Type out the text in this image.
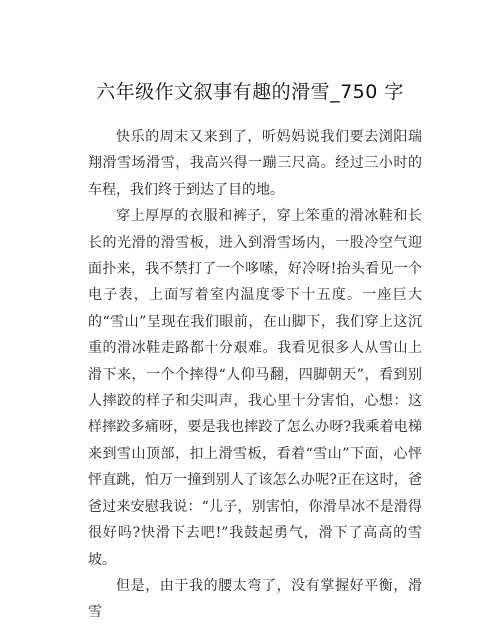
六年级作文叙事有趣的滑雪_750 字

快乐的周末又来到了，听妈妈说我们要去浏阳瑞翔滑雪场滑雪，我高兴得一蹦三尺高。经过三小时的车程，我们终于到达了目的地。

穿上厚厚的衣服和裤子，穿上笨重的滑冰鞋和长长的光滑的滑雪板，进入到滑雪场内，一股冷空气迎面扑来，我不禁打了一个哆嗦，好冷呀!抬头看见一个电子表，上面写着室内温度零下十五度。一座巨大的“雪山”呈现在我们眼前，在山脚下，我们穿上这沉重的滑冰鞋走路都十分艰难。我看见很多人从雪山上滑下来，一个个摔得“人仰马翻，四脚朝天”，看到别人摔跤的样子和尖叫声，我心里十分害怕，心想：这样摔跤多痛呀，要是我也摔跤了怎么办呀?我乘着电梯来到雪山顶部，扣上滑雪板，看着“雪山”下面，心怦怦直跳，怕万一撞到别人了该怎么办呢?正在这时，爸爸过来安慰我说：“儿子，别害怕，你滑旱冰不是滑得很好吗?快滑下去吧!”我鼓起勇气，滑下了高高的雪坡。

但是，由于我的腰太弯了，没有掌握好平衡，滑雪
